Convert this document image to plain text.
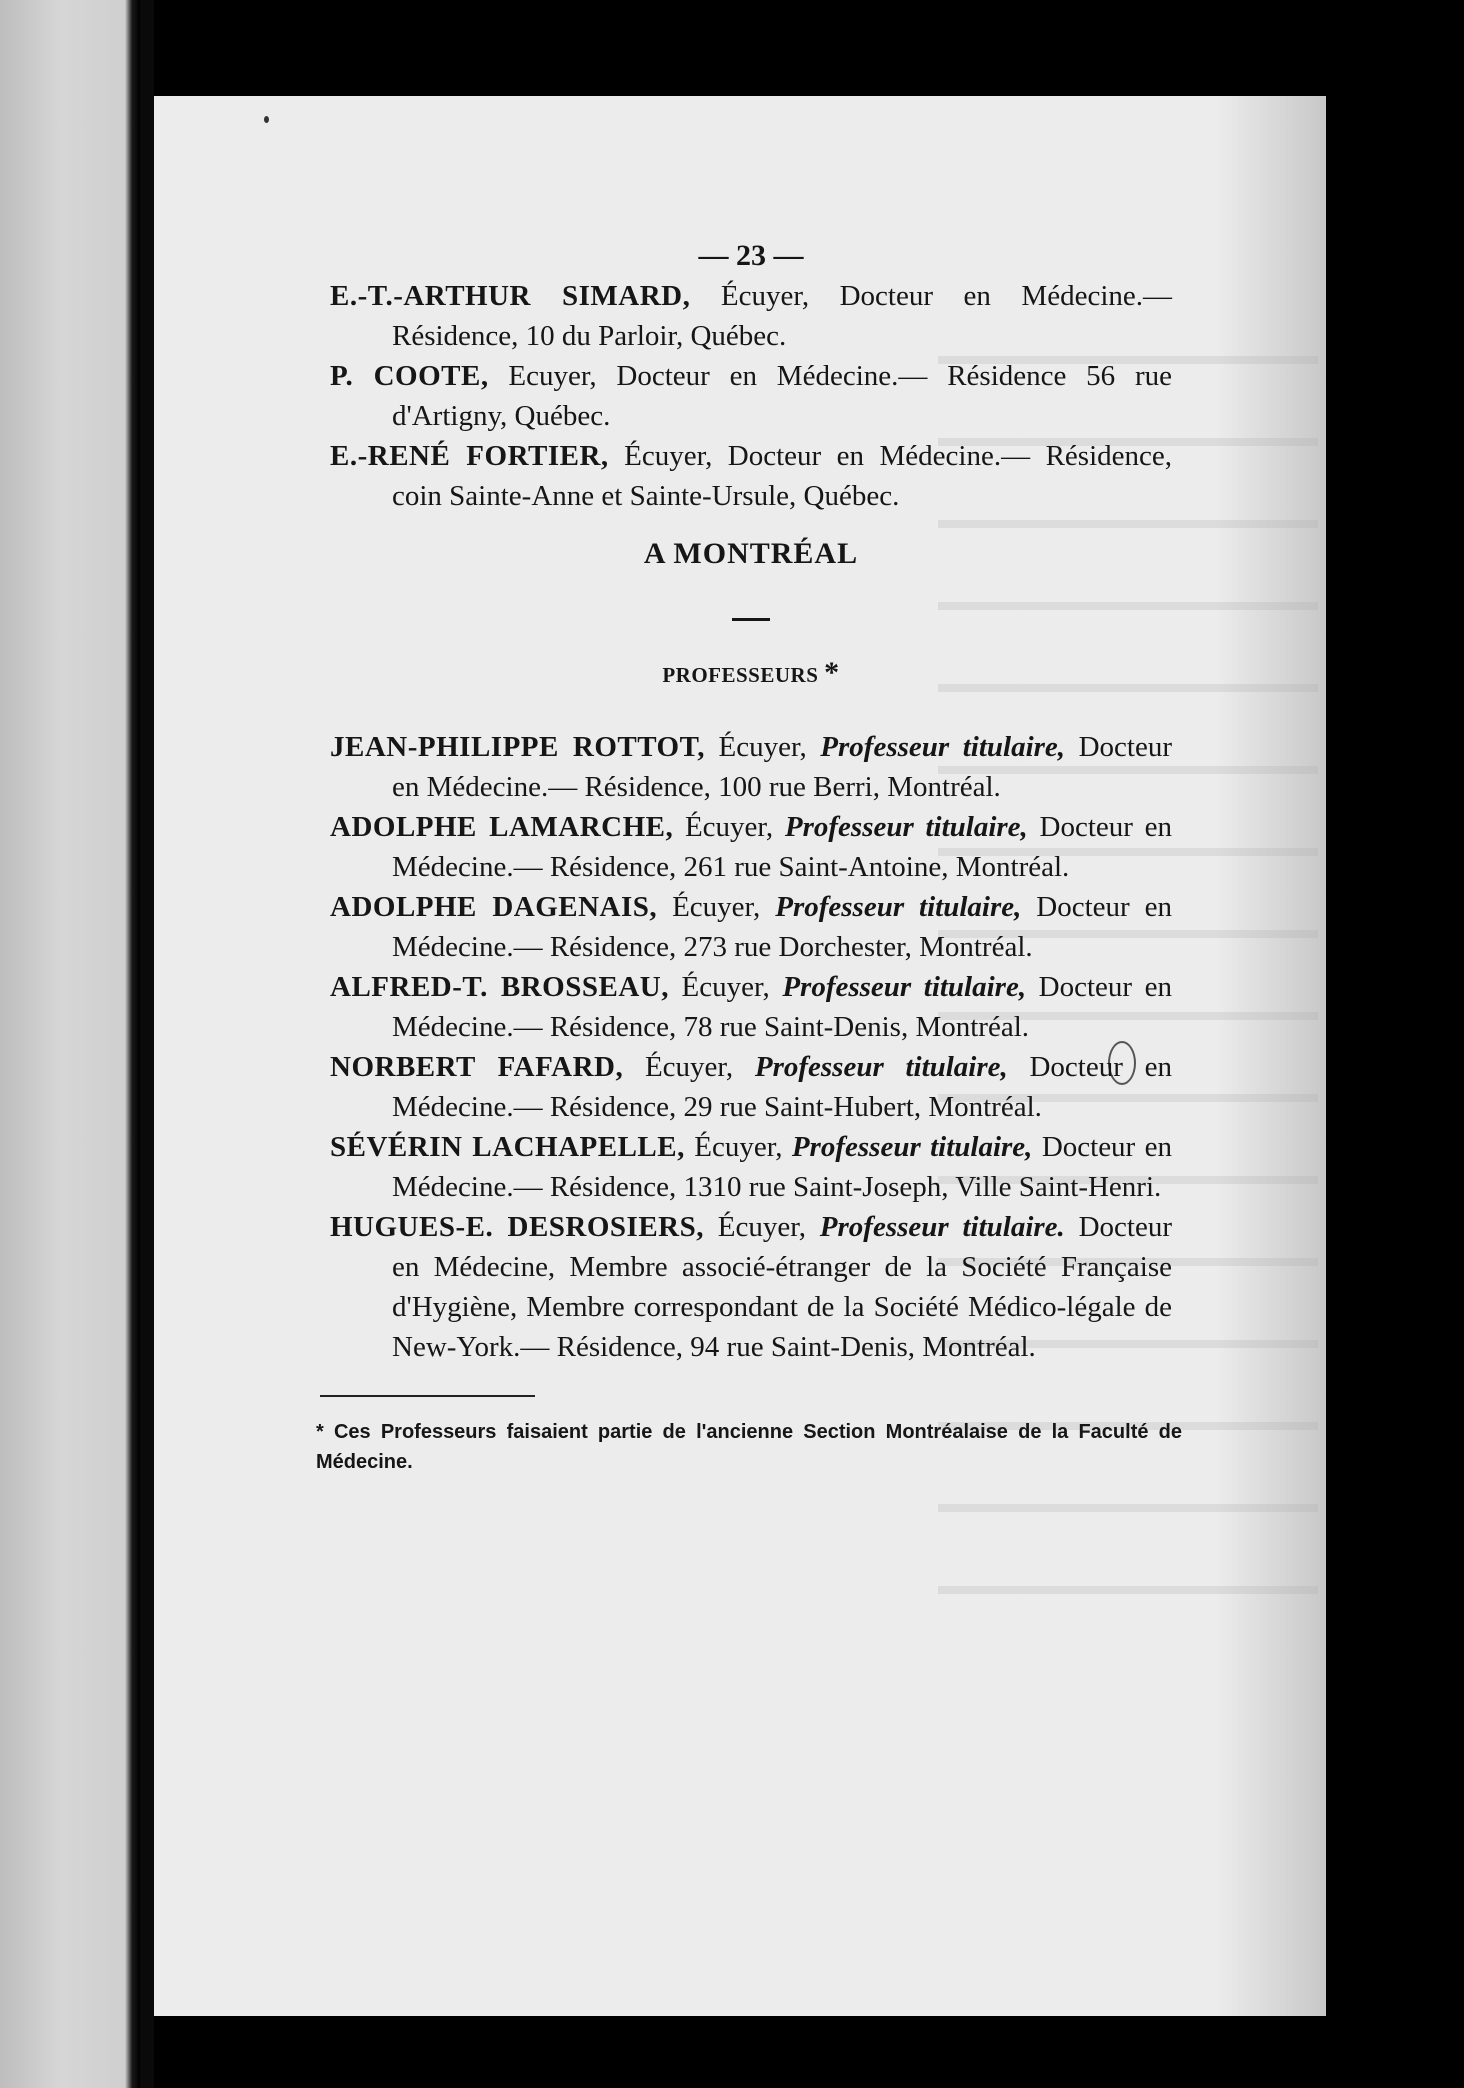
— 23 —

E.-T.-ARTHUR SIMARD, Écuyer, Docteur en Médecine.— Résidence, 10 du Parloir, Québec.

P. COOTE, Ecuyer, Docteur en Médecine.— Résidence 56 rue d'Artigny, Québec.

E.-RENÉ FORTIER, Écuyer, Docteur en Médecine.— Résidence, coin Sainte-Anne et Sainte-Ursule, Québec.

A MONTRÉAL
PROFESSEURS *

JEAN-PHILIPPE ROTTOT, Écuyer, Professeur titulaire, Docteur en Médecine.— Résidence, 100 rue Berri, Montréal.

ADOLPHE LAMARCHE, Écuyer, Professeur titulaire, Docteur en Médecine.— Résidence, 261 rue Saint-Antoine, Montréal.

ADOLPHE DAGENAIS, Écuyer, Professeur titulaire, Docteur en Médecine.— Résidence, 273 rue Dorchester, Montréal.

ALFRED-T. BROSSEAU, Écuyer, Professeur titulaire, Docteur en Médecine.— Résidence, 78 rue Saint-Denis, Montréal.

NORBERT FAFARD, Écuyer, Professeur titulaire, Docteur en Médecine.— Résidence, 29 rue Saint-Hubert, Montréal.

SÉVÉRIN LACHAPELLE, Écuyer, Professeur titulaire, Docteur en Médecine.— Résidence, 1310 rue Saint-Joseph, Ville Saint-Henri.

HUGUES-E. DESROSIERS, Écuyer, Professeur titulaire. Docteur en Médecine, Membre associé-étranger de la Société Française d'Hygiène, Membre correspondant de la Société Médico-légale de New-York.— Résidence, 94 rue Saint-Denis, Montréal.

* Ces Professeurs faisaient partie de l'ancienne Section Montréalaise de la Faculté de Médecine.
